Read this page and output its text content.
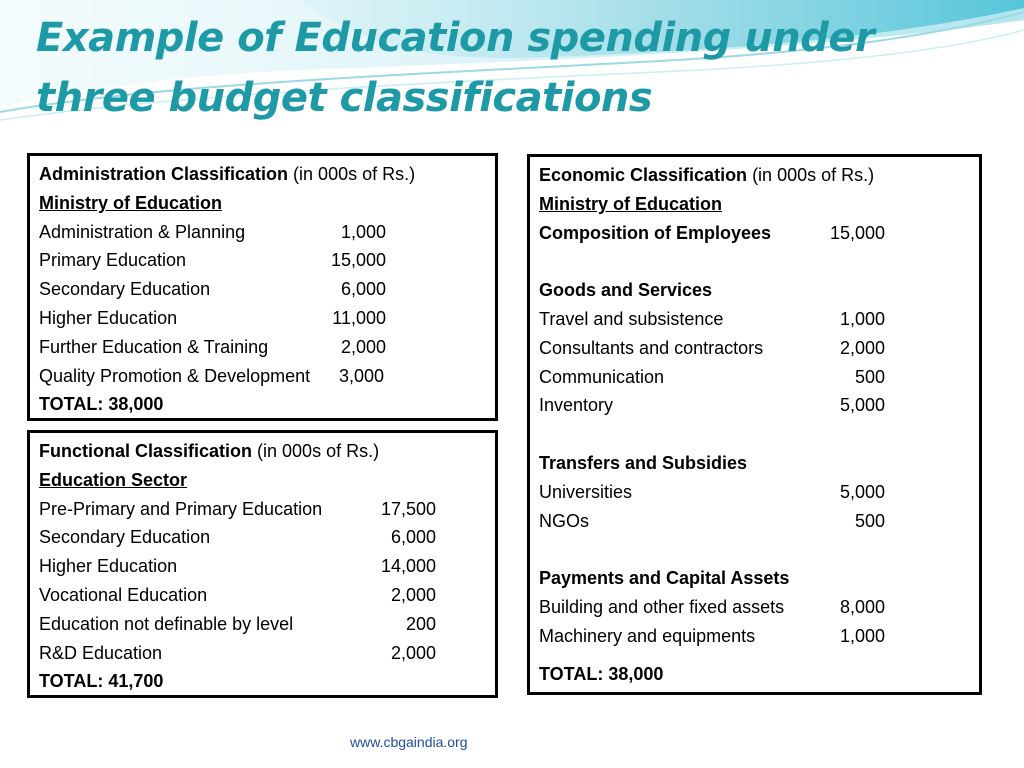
Example of Education spending under three budget classifications
Administration Classification (in 000s of Rs.)
Ministry of Education
Administration & Planning	1,000
Primary Education	15,000
Secondary Education	6,000
Higher Education	11,000
Further Education & Training	2,000
Quality Promotion & Development 3,000
TOTAL: 38,000
Functional Classification (in 000s of Rs.)
Education Sector
Pre-Primary and Primary Education	17,500
Secondary Education	6,000
Higher Education	14,000
Vocational Education	2,000
Education not definable by level	200
R&D Education	2,000
TOTAL: 41,700
Economic Classification (in 000s of Rs.)
Ministry of Education
Composition of Employees	15,000
Goods and Services
Travel and subsistence	1,000
Consultants and contractors	2,000
Communication	500
Inventory	5,000
Transfers and Subsidies
Universities	5,000
NGOs	500
Payments and Capital Assets
Building and other fixed assets	8,000
Machinery and equipments	1,000
TOTAL: 38,000
www.cbgaindia.org
